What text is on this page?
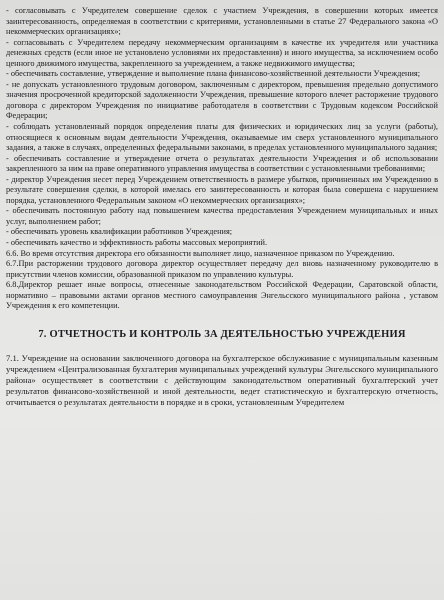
- согласовывать с Учредителем совершение сделок с участием Учреждения, в совершении которых имеется заинтересованность, определяемая в соответствии с критериями, установленными в статье 27 Федерального закона «О некоммерческих организациях»;

- согласовывать с Учредителем передачу некоммерческим организациям в качестве их учредителя или участника денежных средств (если иное не установлено условиями их предоставления) и иного имущества, за исключением особо ценного движимого имущества, закрепленного за учреждением, а также недвижимого имущества;

- обеспечивать составление, утверждение и выполнение плана финансово-хозяйственной деятельности Учреждения;

- не допускать установленного трудовым договором, заключенным с директором, превышения предельно допустимого значения просроченной кредиторской задолженности Учреждения, превышение которого влечет расторжение трудового договора с директором Учреждения по инициативе работодателя в соответствии с Трудовым кодексом Российской Федерации;

- соблюдать установленный порядок определения платы для физических и юридических лиц за услуги (работы), относящиеся к основным видам деятельности Учреждения, оказываемые им сверх установленного муниципального задания, а также в случаях, определенных федеральными законами, в пределах установленного муниципального задания;

- обеспечивать составление и утверждение отчета о результатах деятельности Учреждения и об использовании закрепленного за ним на праве оперативного управления имущества в соответствии с установленными требованиями;

- директор Учреждения несет перед Учреждением ответственность в размере убытков, причиненных им Учреждению в результате совершения сделки, в которой имелась его заинтересованность и которая была совершена с нарушением порядка, установленного Федеральным законом «О некоммерческих организациях»;

- обеспечивать постоянную работу над повышением качества предоставления Учреждением муниципальных и иных услуг, выполнением работ;

- обеспечивать уровень квалификации работников Учреждения;

- обеспечивать качество и эффективность работы массовых мероприятий.

6.6. Во время отсутствия директора его обязанности выполняет лицо, назначенное приказом по Учреждению.

6.7.При расторжении трудового договора директор осуществляет передачу дел вновь назначенному руководителю в присутствии членов комиссии, образованной приказом по управлению культуры.

6.8.Директор решает иные вопросы, отнесенные законодательством Российской Федерации, Саратовской области, нормативно – правовыми актами органов местного самоуправления Энгельсского муниципального района , уставом Учреждения к его компетенции.

7. ОТЧЕТНОСТЬ И КОНТРОЛЬ ЗА ДЕЯТЕЛЬНОСТЬЮ УЧРЕЖДЕНИЯ

7.1. Учреждение на основании заключенного договора на бухгалтерское обслуживание с муниципальным казенным учреждением «Централизованная бухгалтерия муниципальных учреждений культуры Энгельсского муниципального района» осуществляет в соответствии с действующим законодательством оперативный бухгалтерский учет результатов финансово-хозяйственной и иной деятельности, ведет статистическую и бухгалтерскую отчетность, отчитывается о результатах деятельности в порядке и в сроки, установленным Учредителем
